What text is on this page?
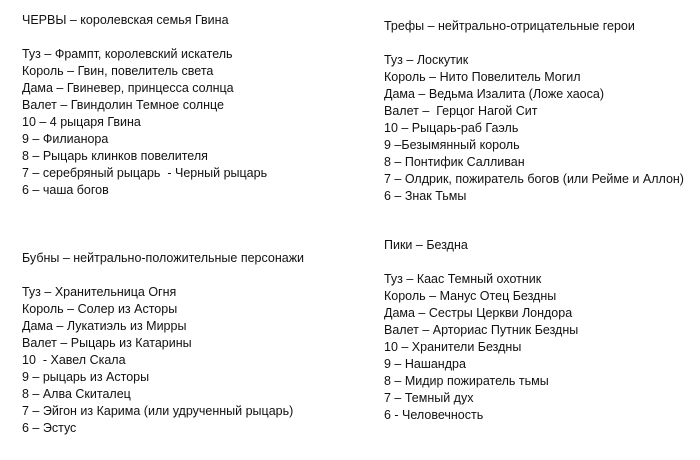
ЧЕРВЫ – королевская семья Гвина
Туз – Фрампт, королевский искатель
Король – Гвин, повелитель света
Дама – Гвиневер, принцесса солнца
Валет – Гвиндолин Темное солнце
10 – 4 рыцаря Гвина
9 – Филианора
8 – Рыцарь клинков повелителя
7 – серебряный рыцарь  - Черный рыцарь
6 – чаша богов
Трефы – нейтрально-отрицательные герои
Туз – Лоскутик
Король – Нито Повелитель Могил
Дама – Ведьма Изалита (Ложе хаоса)
Валет –  Герцог Нагой Сит
10 – Рыцарь-раб Гаэль
9 –Безымянный король
8 – Понтифик Салливан
7 – Олдрик, пожиратель богов (или Рейме и Аллон)
6 – Знак Тьмы
Бубны – нейтрально-положительные персонажи
Туз – Хранительница Огня
Король – Солер из Асторы
Дама – Лукатиэль из Мирры
Валет – Рыцарь из Катарины
10  - Хавел Скала
9 – рыцарь из Асторы
8 – Алва Скиталец
7 – Эйгон из Карима (или удрученный рыцарь)
6 – Эстус
Пики – Бездна
Туз – Каас Темный охотник
Король – Манус Отец Бездны
Дама – Сестры Церкви Лондора
Валет – Арториас Путник Бездны
10 – Хранители Бездны
9 – Нашандра
8 – Мидир пожиратель тьмы
7 – Темный дух
6 - Человечность
